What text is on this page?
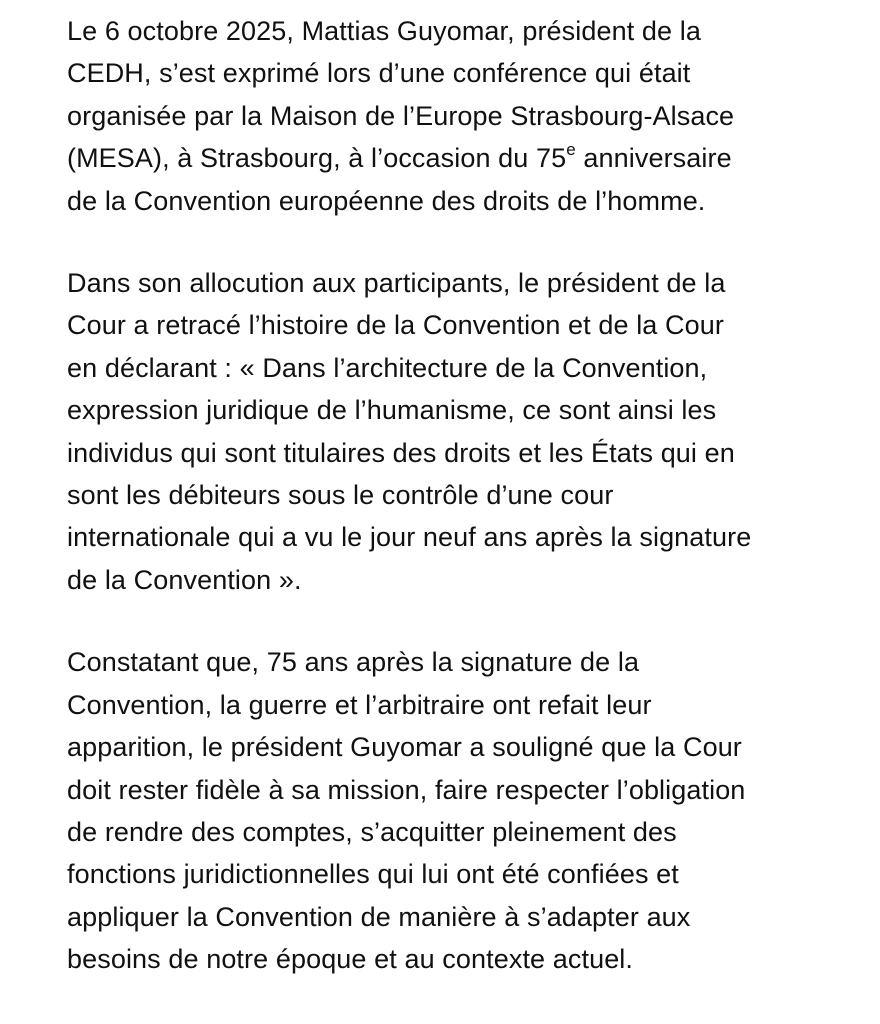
Le 6 octobre 2025, Mattias Guyomar, président de la
CEDH, s’est exprimé lors d’une conférence qui était
organisée par la Maison de l’Europe Strasbourg-Alsace
(MESA), à Strasbourg, à l’occasion du 75e anniversaire
de la Convention européenne des droits de l’homme.

Dans son allocution aux participants, le président de la
Cour a retracé l’histoire de la Convention et de la Cour
en déclarant : « Dans l’architecture de la Convention,
expression juridique de l’humanisme, ce sont ainsi les
individus qui sont titulaires des droits et les États qui en
sont les débiteurs sous le contrôle d’une cour
internationale qui a vu le jour neuf ans après la signature
de la Convention ».

Constatant que, 75 ans après la signature de la
Convention, la guerre et l’arbitraire ont refait leur
apparition, le président Guyomar a souligné que la Cour
doit rester fidèle à sa mission, faire respecter l’obligation
de rendre des comptes, s’acquitter pleinement des
fonctions juridictionnelles qui lui ont été confiées et
appliquer la Convention de manière à s’adapter aux
besoins de notre époque et au contexte actuel.
